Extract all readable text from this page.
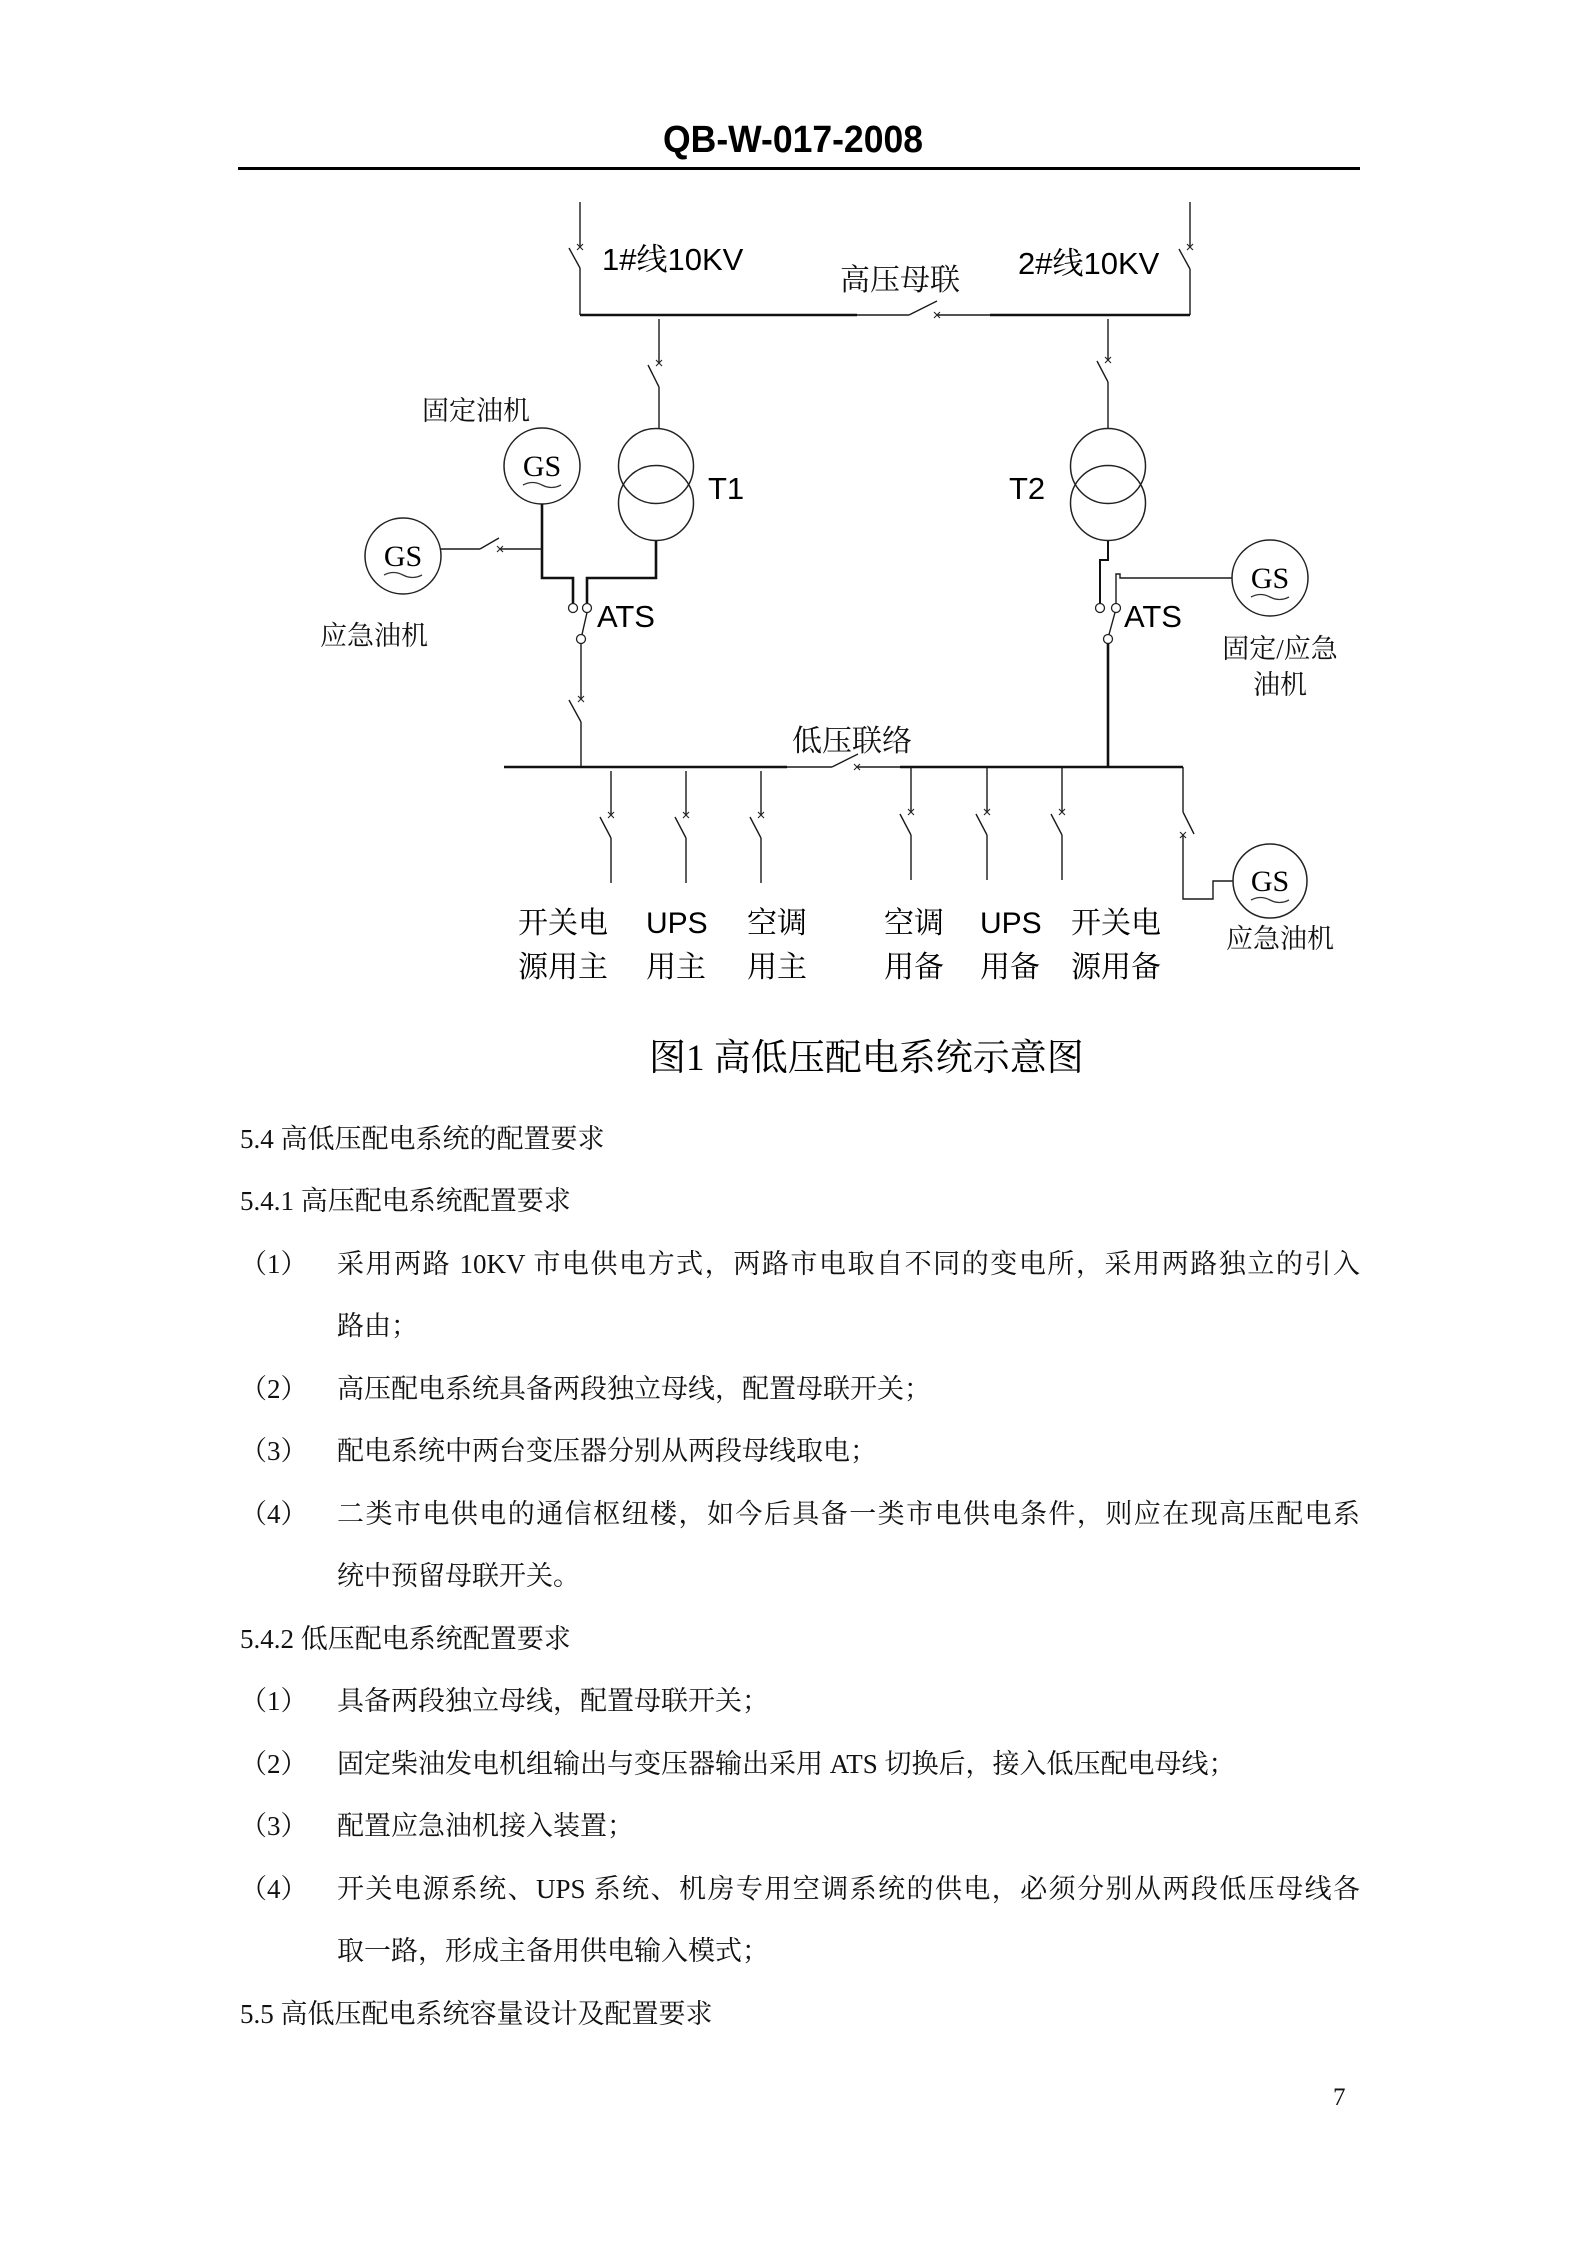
QB-W-017-2008
1#线10KV	2#线10KV
高压母联
T1
GS
固定油机
GS
应急油机
ATS
T2
ATS
GS
固定/应急
油机
低压联络
GS
应急油机
开关电
源用主
UPS
用主
空调
用主
空调
用备
UPS
用备
开关电
源用备
图1 高低压配电系统示意图
5.4 高低压配电系统的配置要求
5.4.1 高压配电系统配置要求
（1） 采用两路 10KV 市电供电方式，两路市电取自不同的变电所，采用两路独立的引入
路由；
（2） 高压配电系统具备两段独立母线，配置母联开关；
（3） 配电系统中两台变压器分别从两段母线取电；
（4） 二类市电供电的通信枢纽楼，如今后具备一类市电供电条件，则应在现高压配电系
统中预留母联开关。
5.4.2 低压配电系统配置要求
（1） 具备两段独立母线，配置母联开关；
（2） 固定柴油发电机组输出与变压器输出采用 ATS 切换后，接入低压配电母线；
（3） 配置应急油机接入装置；
（4） 开关电源系统、UPS 系统、机房专用空调系统的供电，必须分别从两段低压母线各
取一路，形成主备用供电输入模式；
5.5 高低压配电系统容量设计及配置要求
7
